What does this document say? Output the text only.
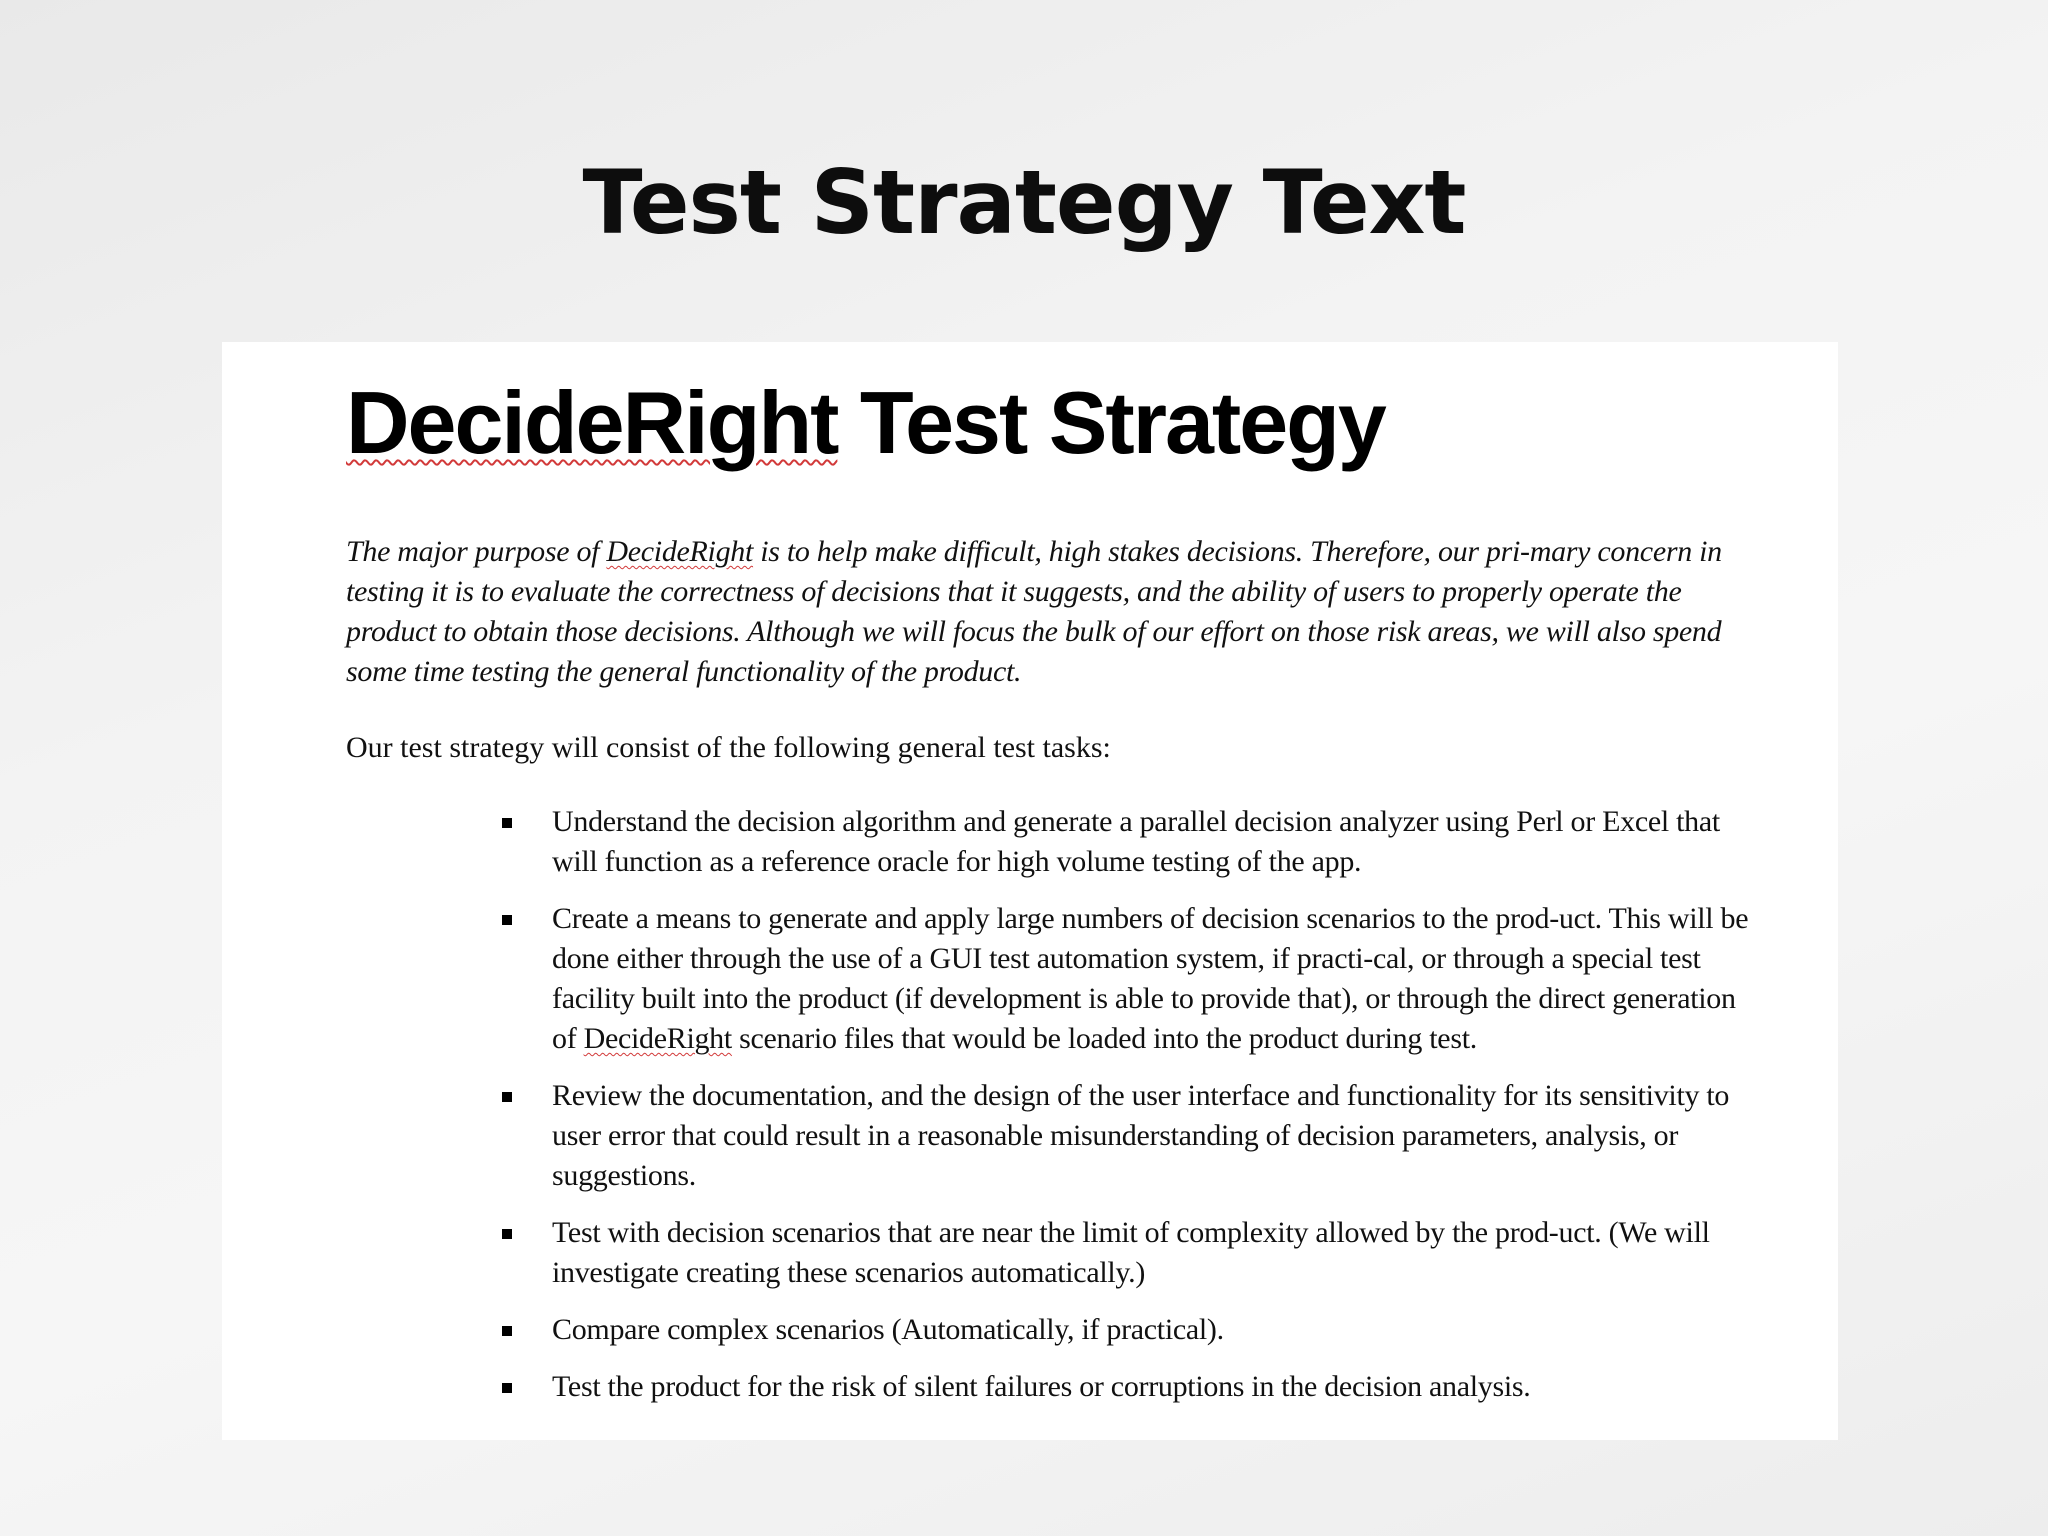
Test Strategy Text
DecideRight Test Strategy

The major purpose of DecideRight is to help make difficult, high stakes decisions. Therefore, our pri-mary concern in testing it is to evaluate the correctness of decisions that it suggests, and the ability of users to properly operate the product to obtain those decisions. Although we will focus the bulk of our effort on those risk areas, we will also spend some time testing the general functionality of the product.

Our test strategy will consist of the following general test tasks:

Understand the decision algorithm and generate a parallel decision analyzer using Perl or Excel that will function as a reference oracle for high volume testing of the app.
Create a means to generate and apply large numbers of decision scenarios to the prod-uct. This will be done either through the use of a GUI test automation system, if practi-cal, or through a special test facility built into the product (if development is able to provide that), or through the direct generation of DecideRight scenario files that would be loaded into the product during test.
Review the documentation, and the design of the user interface and functionality for its sensitivity to user error that could result in a reasonable misunderstanding of decision parameters, analysis, or suggestions.
Test with decision scenarios that are near the limit of complexity allowed by the prod-uct. (We will investigate creating these scenarios automatically.)
Compare complex scenarios (Automatically, if practical).
Test the product for the risk of silent failures or corruptions in the decision analysis.
